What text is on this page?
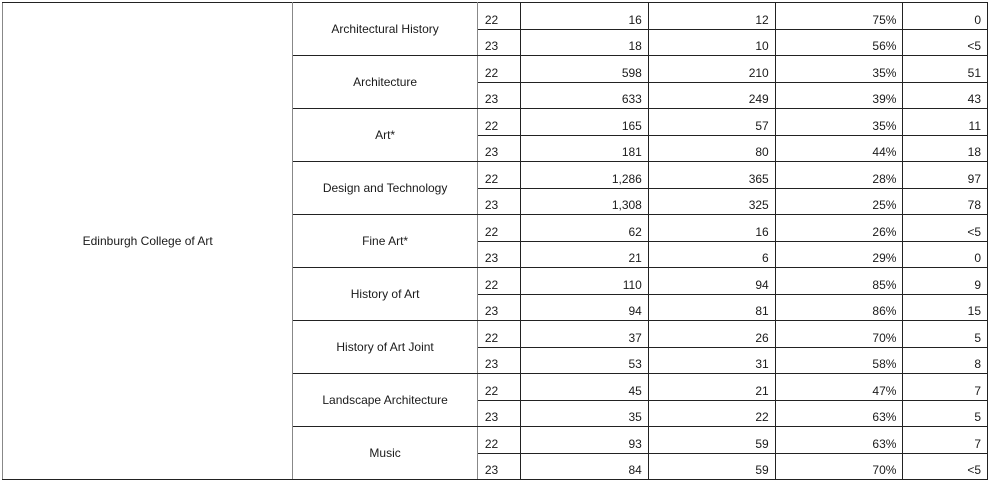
Edinburgh College of Art	Architectural History	22	16	12	75%	0
		23	18	10	56%	<5
	Architecture	22	598	210	35%	51
		23	633	249	39%	43
	Art*	22	165	57	35%	11
		23	181	80	44%	18
	Design and Technology	22	1,286	365	28%	97
		23	1,308	325	25%	78
	Fine Art*	22	62	16	26%	<5
		23	21	6	29%	0
	History of Art	22	110	94	85%	9
		23	94	81	86%	15
	History of Art Joint	22	37	26	70%	5
		23	53	31	58%	8
	Landscape Architecture	22	45	21	47%	7
		23	35	22	63%	5
	Music	22	93	59	63%	7
		23	84	59	70%	<5
